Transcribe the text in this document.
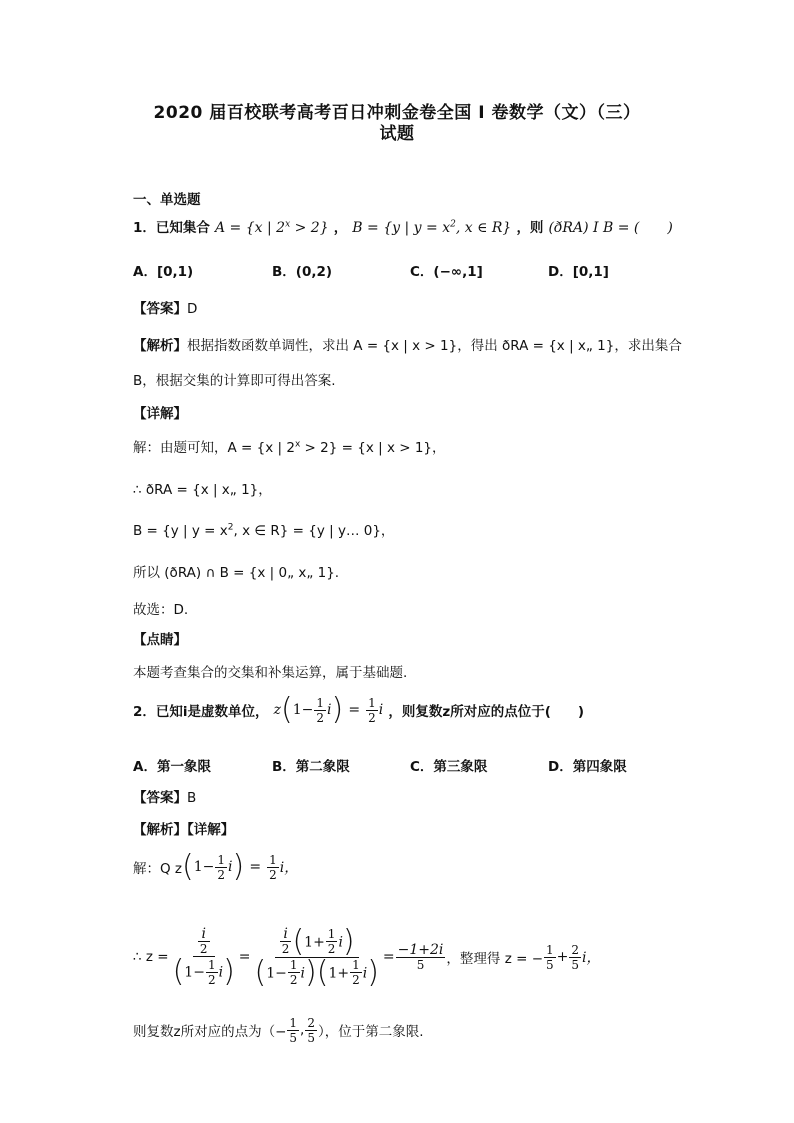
2020 届百校联考高考百日冲刺金卷全国 I 卷数学（文）（三）
试题
一、单选题
1．已知集合 A = {x | $2^x > 2$} ， B = {y | $y = x^2$, x ∈ R} ，则 (ðRA) I B = (　　)
A．[0,1)	B．(0,2)	C．(−∞,1]	D．[0,1]
【答案】D
【解析】根据指数函数单调性，求出 A = {x | x > 1}，得出 ðRA = {x | x„ 1}，求出集合
B，根据交集的计算即可得出答案.
【详解】
解：由题可知，A = {x | $2^x > 2\} = \{x$ | x > 1}，
∴ ðRA = {x | x„ 1}，
B = {y | $y = x^2$, x ∈ R} = {y | y… 0}，
所以 (ðRA) ∩ B = {x | 0„ x„ 1}.
故选：D.
【点睛】
本题考查集合的交集和补集运算，属于基础题.
2．已知i是虚数单位， $z(1- \frac{1}{2} i) = \frac{1}{2}$ i ，则复数z所对应的点位于(　　)
A．第一象限	B．第二象限	C．第三象限	D．第四象限
【答案】B
【解析】【详解】
解：Q $z(1- \frac{1}{2} i) = \frac{1}{2}$ i，
∴ $z = \frac{\frac{i}{2}}{(1- \frac{1}{2} i)} = \frac{\frac{i}{2} (1+ \frac{1}{2} i)}{(1- \frac{1}{2} i)(1+ \frac{1}{2} i)} = \frac{-1+2i}{5}$ ，整理得 z = − $\frac{1}{5} + \frac{2}{5}$ i，
则复数z所对应的点为（− $\frac{1}{5}$ , $\frac{2}{5}$ ），位于第二象限.
